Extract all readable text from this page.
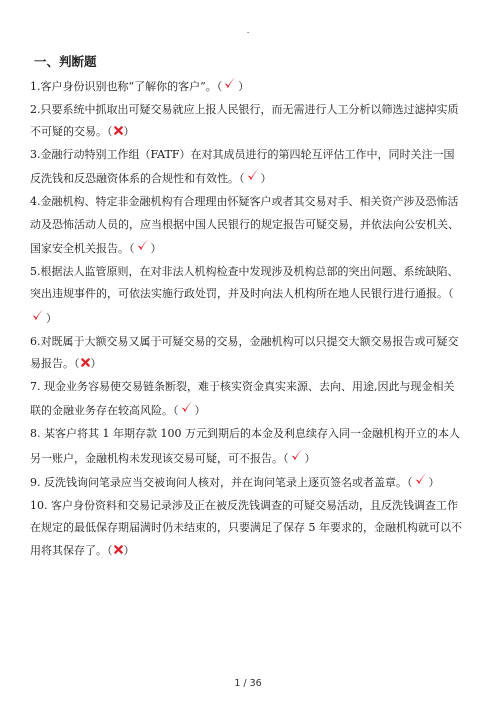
.
一、判断题

1.客户身份识别也称“了解你的客户”。（ ）

2.只要系统中抓取出可疑交易就应上报人民银行，而无需进行人工分析以筛选过滤掉实质不可疑的交易。（ ）

3.金融行动特别工作组（FATF）在对其成员进行的第四轮互评估工作中，同时关注一国反洗钱和反恐融资体系的合规性和有效性。（ ）

4.金融机构、特定非金融机构有合理理由怀疑客户或者其交易对手、相关资产涉及恐怖活动及恐怖活动人员的，应当根据中国人民银行的规定报告可疑交易，并依法向公安机关、国家安全机关报告。（ ）

5.根据法人监管原则，在对非法人机构检查中发现涉及机构总部的突出问题、系统缺陷、突出违规事件的，可依法实施行政处罚，并及时向法人机构所在地人民银行进行通报。（
）

6.对既属于大额交易又属于可疑交易的交易，金融机构可以只提交大额交易报告或可疑交易报告。（ ）

7. 现金业务容易使交易链条断裂，难于核实资金真实来源、去向、用途,因此与现金相关联的金融业务存在较高风险。（ ）

8. 某客户将其 1 年期存款 100 万元到期后的本金及利息续存入同一金融机构开立的本人另一账户，金融机构未发现该交易可疑，可不报告。（ ）

9. 反洗钱询问笔录应当交被询问人核对，并在询问笔录上逐页签名或者盖章。（ ）

10. 客户身份资料和交易记录涉及正在被反洗钱调查的可疑交易活动，且反洗钱调查工作在规定的最低保存期届满时仍未结束的，只要满足了保存 5 年要求的，金融机构就可以不用将其保存了。（ ）

1 / 36
